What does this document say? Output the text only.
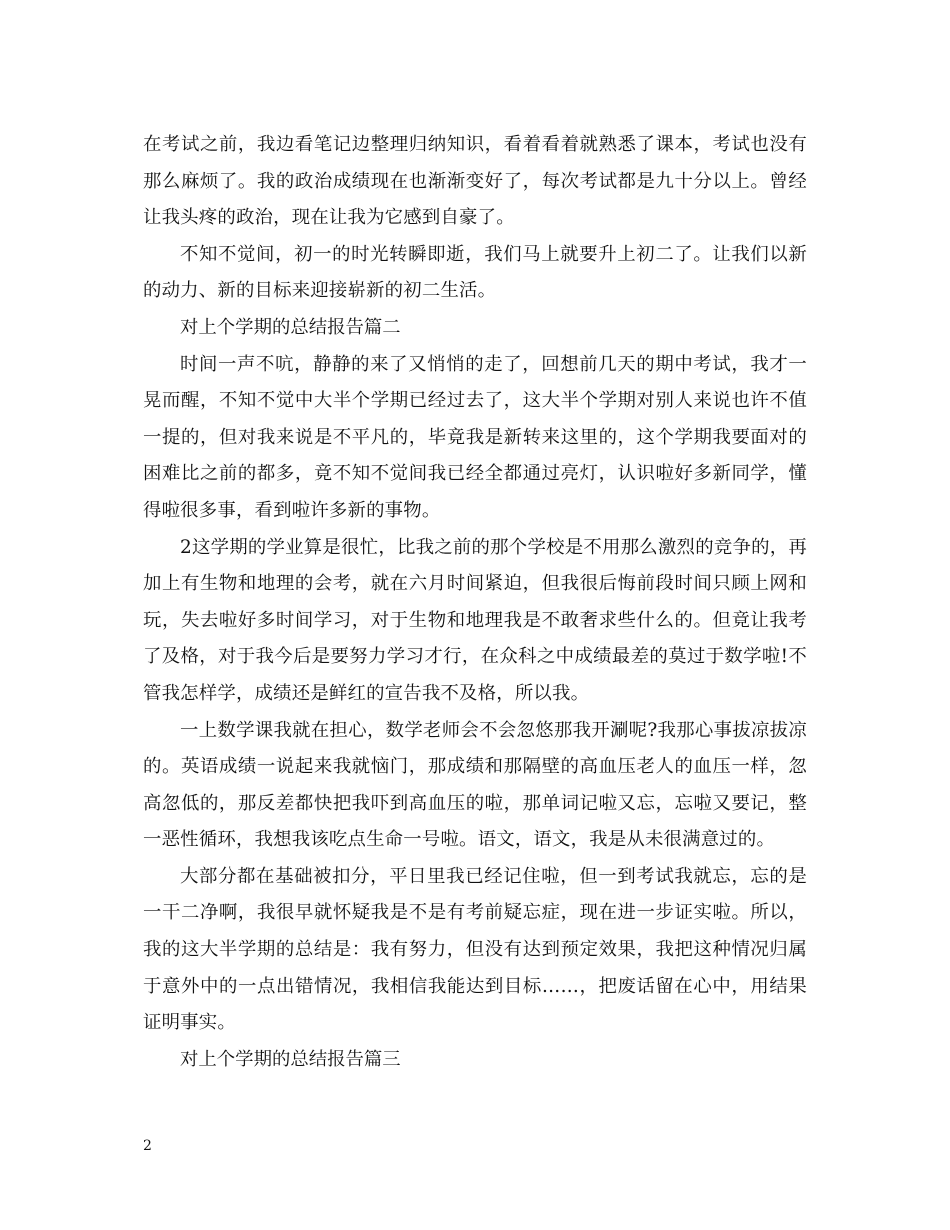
在考试之前，我边看笔记边整理归纳知识，看着看着就熟悉了课本，考试也没有那么麻烦了。我的政治成绩现在也渐渐变好了，每次考试都是九十分以上。曾经让我头疼的政治，现在让我为它感到自豪了。

不知不觉间，初一的时光转瞬即逝，我们马上就要升上初二了。让我们以新的动力、新的目标来迎接崭新的初二生活。

对上个学期的总结报告篇二

时间一声不吭，静静的来了又悄悄的走了，回想前几天的期中考试，我才一晃而醒，不知不觉中大半个学期已经过去了，这大半个学期对别人来说也许不值一提的，但对我来说是不平凡的，毕竟我是新转来这里的，这个学期我要面对的困难比之前的都多，竟不知不觉间我已经全都通过亮灯，认识啦好多新同学，懂得啦很多事，看到啦许多新的事物。

2这学期的学业算是很忙，比我之前的那个学校是不用那么激烈的竞争的，再加上有生物和地理的会考，就在六月时间紧迫，但我很后悔前段时间只顾上网和玩，失去啦好多时间学习，对于生物和地理我是不敢奢求些什么的。但竟让我考了及格，对于我今后是要努力学习才行，在众科之中成绩最差的莫过于数学啦!不管我怎样学，成绩还是鲜红的宣告我不及格，所以我。

一上数学课我就在担心，数学老师会不会忽悠那我开涮呢?我那心事拔凉拔凉的。英语成绩一说起来我就恼门，那成绩和那隔壁的高血压老人的血压一样，忽高忽低的，那反差都快把我吓到高血压的啦，那单词记啦又忘，忘啦又要记，整一恶性循环，我想我该吃点生命一号啦。语文，语文，我是从未很满意过的。

大部分都在基础被扣分，平日里我已经记住啦，但一到考试我就忘，忘的是一干二净啊，我很早就怀疑我是不是有考前疑忘症，现在进一步证实啦。所以，我的这大半学期的总结是：我有努力，但没有达到预定效果，我把这种情况归属于意外中的一点出错情况，我相信我能达到目标……，把废话留在心中，用结果证明事实。

对上个学期的总结报告篇三

2
